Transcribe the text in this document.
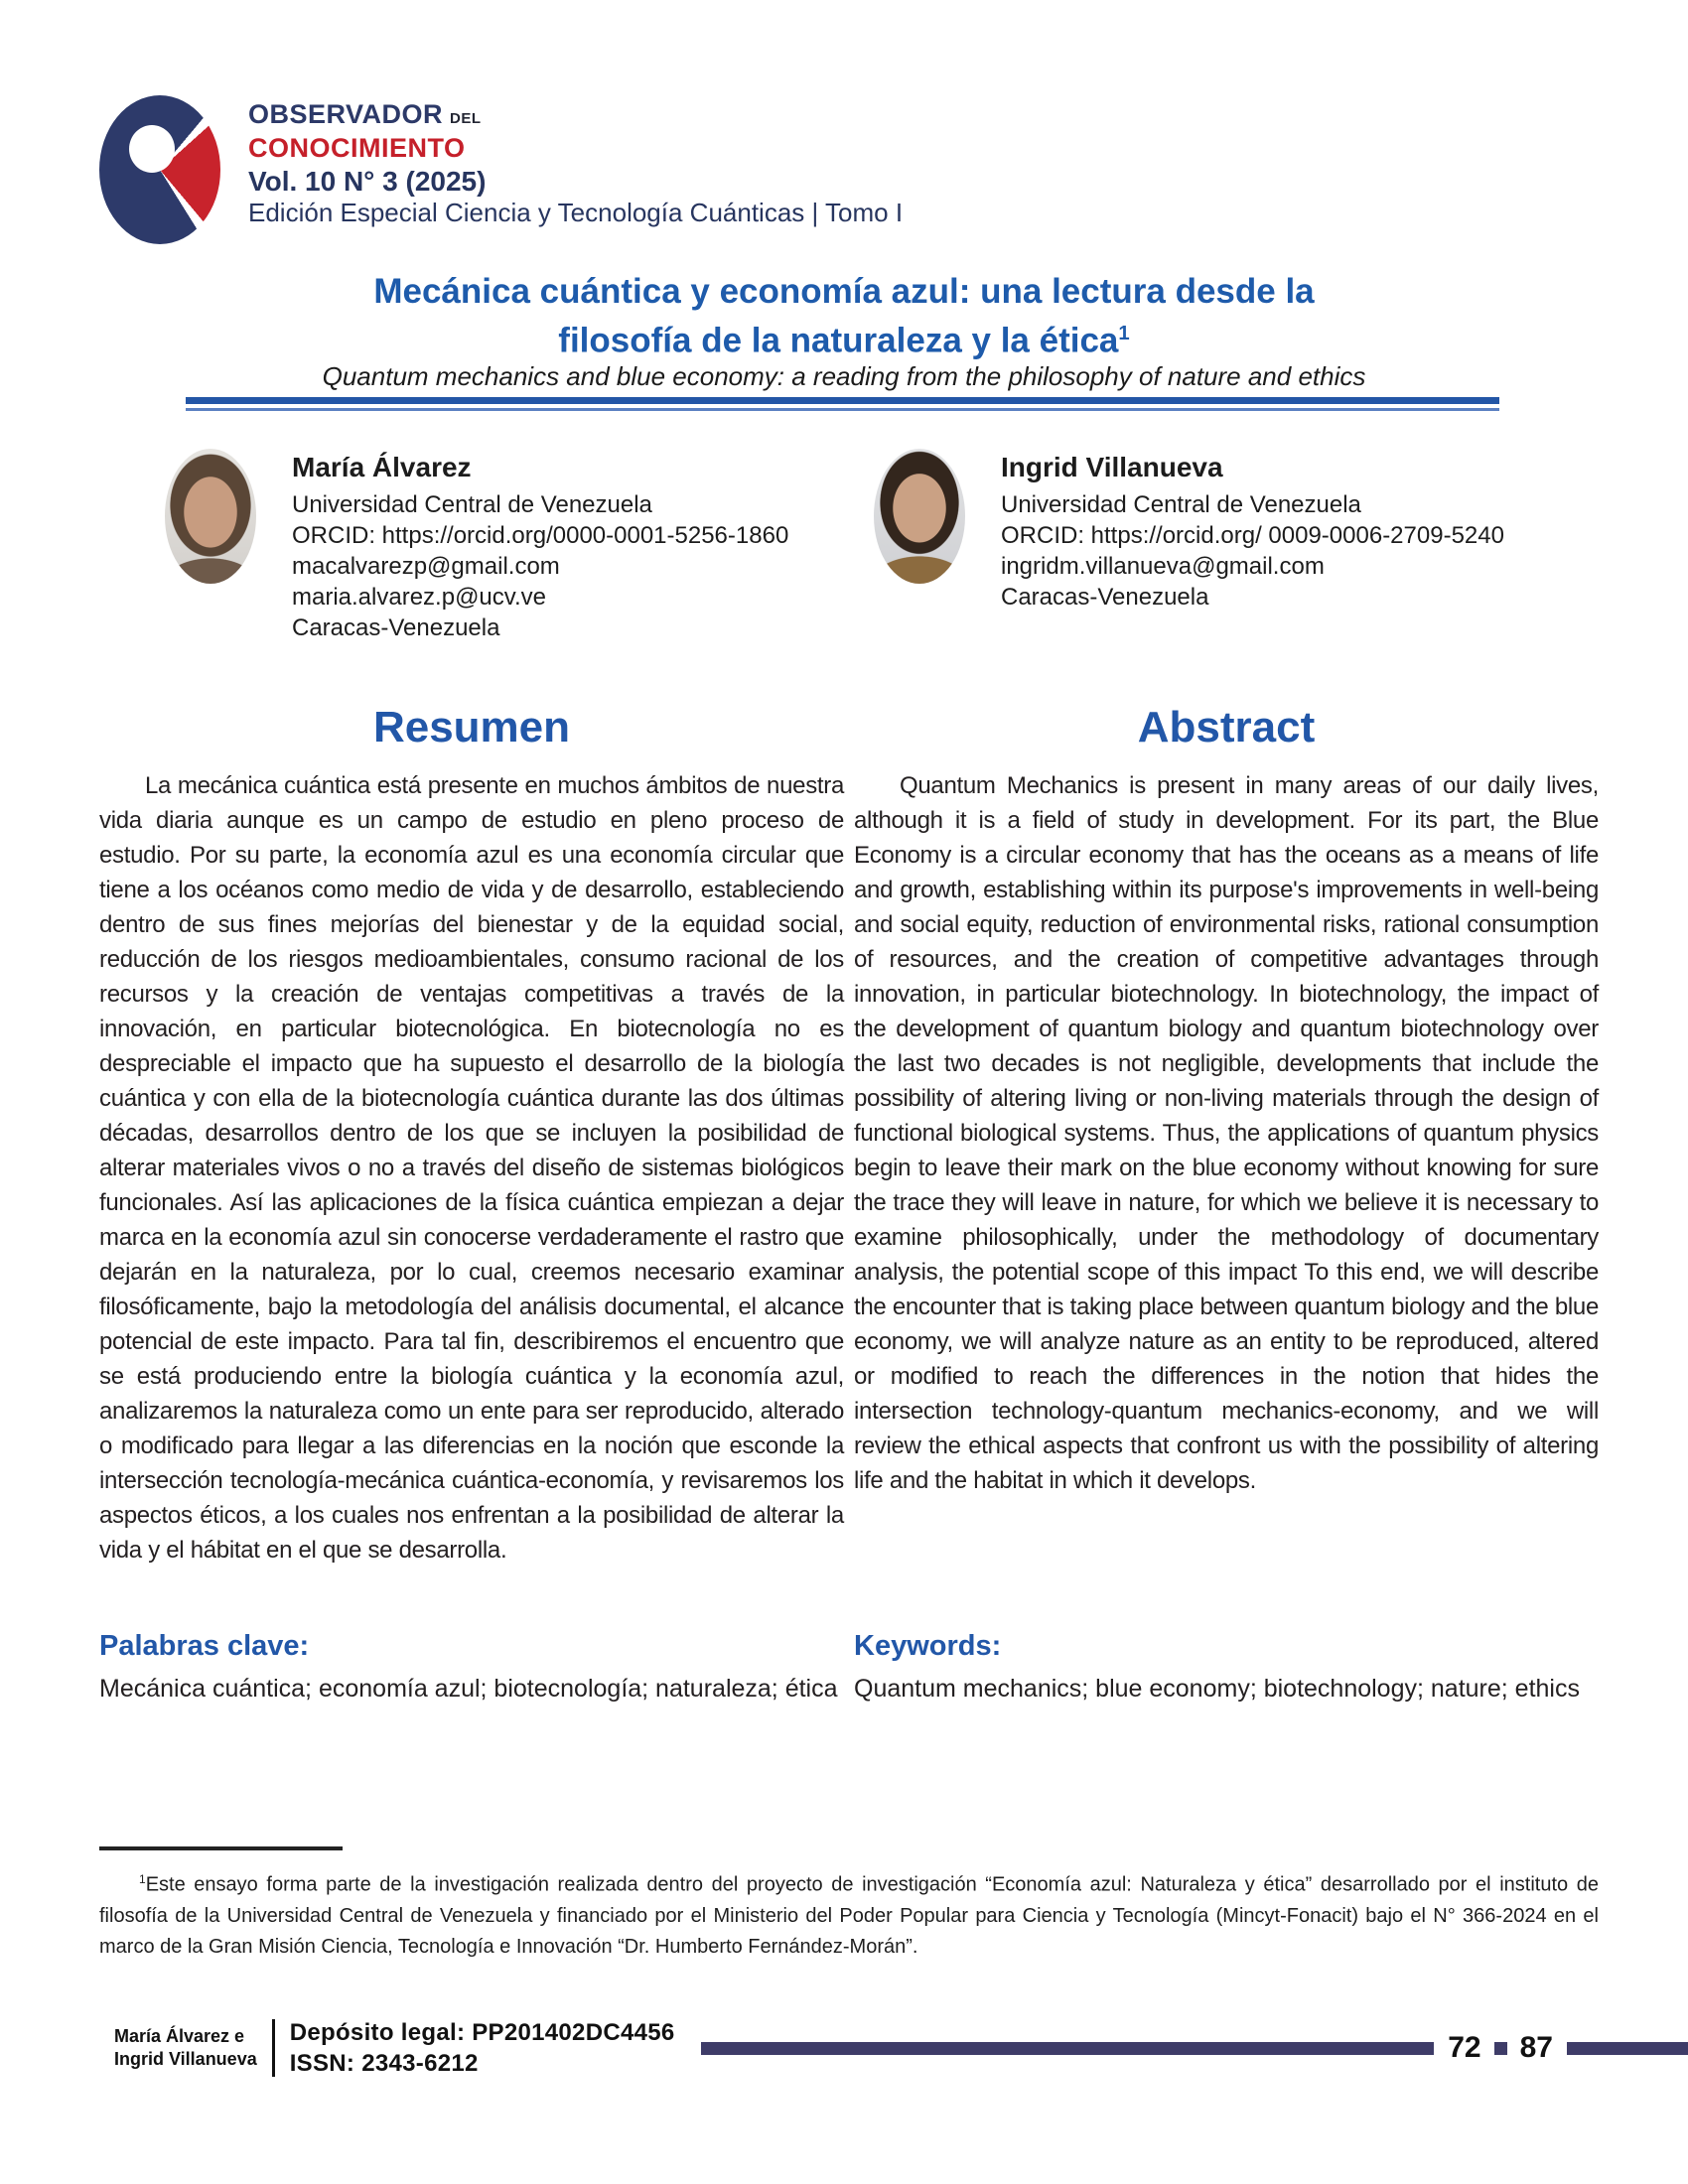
OBSERVADOR DEL
CONOCIMIENTO
Vol. 10 N° 3 (2025)
Edición Especial Ciencia y Tecnología Cuánticas | Tomo I
Mecánica cuántica y economía azul: una lectura desde la
filosofía de la naturaleza y la ética$^1$

Quantum mechanics and blue economy: a reading from the philosophy of nature and ethics

María Álvarez
Universidad Central de Venezuela
ORCID: https://orcid.org/0000-0001-5256-1860
macalvarezp@gmail.com
maria.alvarez.p@ucv.ve
Caracas-Venezuela
Ingrid Villanueva
Universidad Central de Venezuela
ORCID: https://orcid.org/ 0009-0006-2709-5240
ingridm.villanueva@gmail.com
Caracas-Venezuela
Resumen

La mecánica cuántica está presente en muchos ámbitos de nuestra vida diaria aunque es un campo de estudio en pleno proceso de estudio. Por su parte, la economía azul es una economía circular que tiene a los océanos como medio de vida y de desarrollo, estableciendo dentro de sus fines mejorías del bienestar y de la equidad social, reducción de los riesgos medioambientales, consumo racional de los recursos y la creación de ventajas competitivas a través de la innovación, en particular biotecnológica. En biotecnología no es despreciable el impacto que ha supuesto el desarrollo de la biología cuántica y con ella de la biotecnología cuántica durante las dos últimas décadas, desarrollos dentro de los que se incluyen la posibilidad de alterar materiales vivos o no a través del diseño de sistemas biológicos funcionales. Así las aplicaciones de la física cuántica empiezan a dejar marca en la economía azul sin conocerse verdaderamente el rastro que dejarán en la naturaleza, por lo cual, creemos necesario examinar filosóficamente, bajo la metodología del análisis documental, el alcance potencial de este impacto. Para tal fin, describiremos el encuentro que se está produciendo entre la biología cuántica y la economía azul, analizaremos la naturaleza como un ente para ser reproducido, alterado o modificado para llegar a las diferencias en la noción que esconde la intersección tecnología-mecánica cuántica-economía, y revisaremos los aspectos éticos, a los cuales nos enfrentan a la posibilidad de alterar la vida y el hábitat en el que se desarrolla.

Abstract

Quantum Mechanics is present in many areas of our daily lives, although it is a field of study in development. For its part, the Blue Economy is a circular economy that has the oceans as a means of life and growth, establishing within its purpose's improvements in well-being and social equity, reduction of environmental risks, rational consumption of resources, and the creation of competitive advantages through innovation, in particular biotechnology. In biotechnology, the impact of the development of quantum biology and quantum biotechnology over the last two decades is not negligible, developments that include the possibility of altering living or non-living materials through the design of functional biological systems. Thus, the applications of quantum physics begin to leave their mark on the blue economy without knowing for sure the trace they will leave in nature, for which we believe it is necessary to examine philosophically, under the methodology of documentary analysis, the potential scope of this impact To this end, we will describe the encounter that is taking place between quantum biology and the blue economy, we will analyze nature as an entity to be reproduced, altered or modified to reach the differences in the notion that hides the intersection technology-quantum mechanics-economy, and we will review the ethical aspects that confront us with the possibility of altering life and the habitat in which it develops.

Palabras clave:

Mecánica cuántica; economía azul; biotecnología; naturaleza; ética

Keywords:

Quantum mechanics; blue economy; biotechnology; nature; ethics

$^1$Este ensayo forma parte de la investigación realizada dentro del proyecto de investigación “Economía azul: Naturaleza y ética” desarrollado por el instituto de filosofía de la Universidad Central de Venezuela y financiado por el Ministerio del Poder Popular para Ciencia y Tecnología (Mincyt-Fonacit) bajo el N° 366-2024 en el marco de la Gran Misión Ciencia, Tecnología e Innovación “Dr. Humberto Fernández-Morán”.

María Álvarez e
Ingrid Villanueva
Depósito legal: PP201402DC4456
ISSN: 2343-6212	72 87
